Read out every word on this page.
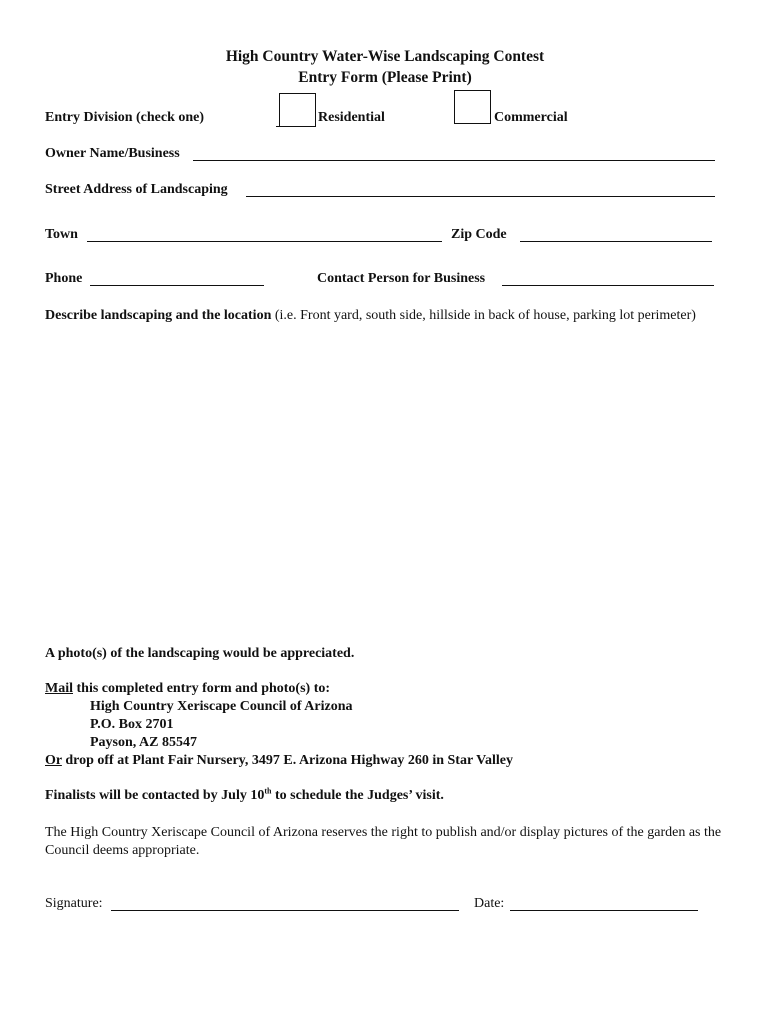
High Country Water-Wise Landscaping Contest
Entry Form (Please Print)
Entry Division (check one)	Residential	Commercial
Owner Name/Business
Street Address of Landscaping
Town	Zip Code
Phone	Contact Person for Business
Describe landscaping and the location (i.e. Front yard, south side, hillside in back of house, parking lot perimeter)
A photo(s) of the landscaping would be appreciated.
Mail this completed entry form and photo(s) to:
High Country Xeriscape Council of Arizona
P.O. Box 2701
Payson, AZ 85547
Or drop off at Plant Fair Nursery, 3497 E. Arizona Highway 260 in Star Valley
Finalists will be contacted by July 10th to schedule the Judges’ visit.
The High Country Xeriscape Council of Arizona reserves the right to publish and/or display pictures of the garden as the Council deems appropriate.
Signature:	Date:
